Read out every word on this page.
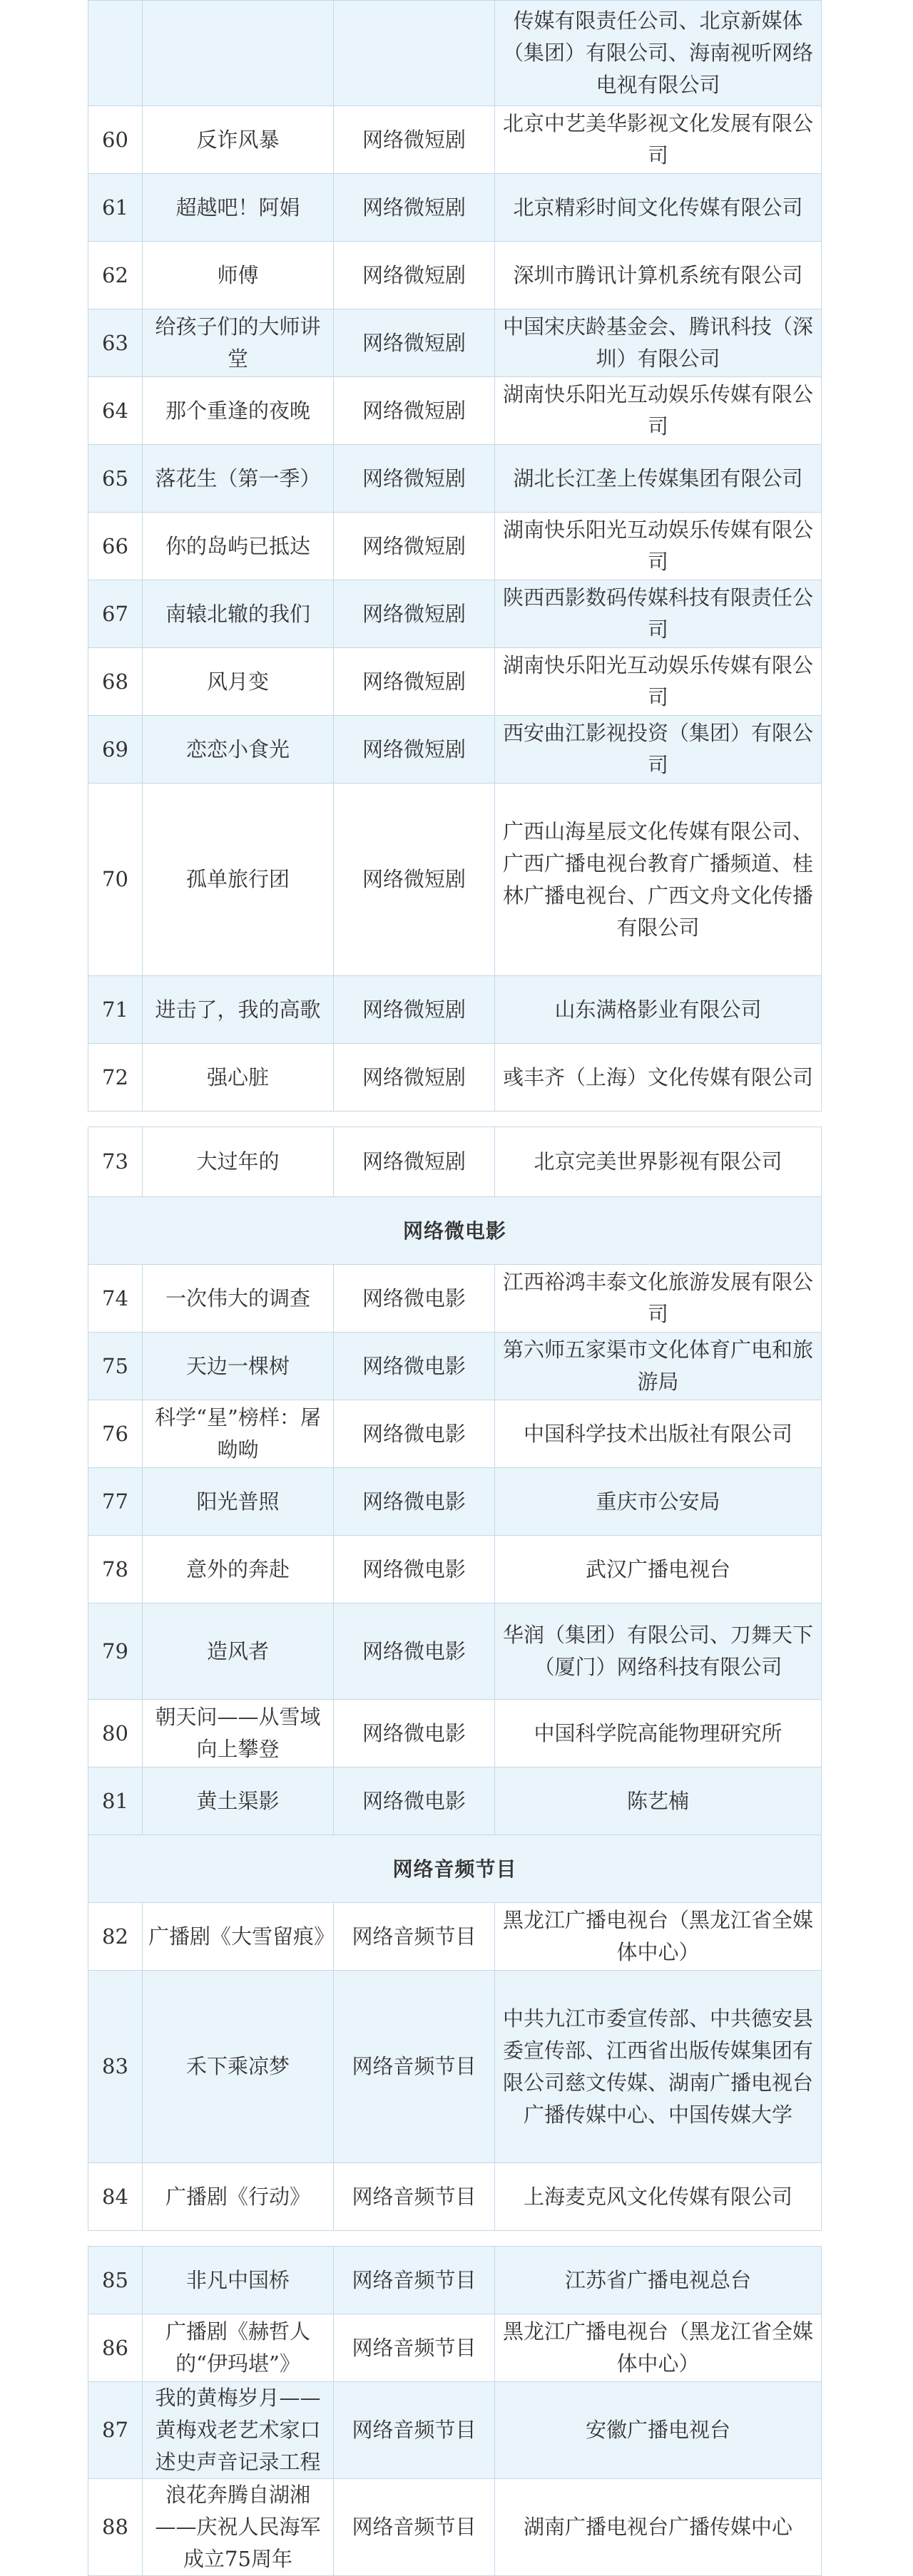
			传媒有限责任公司、北京新媒体（集团）有限公司、海南视听网络电视有限公司
60	反诈风暴	网络微短剧	北京中艺美华影视文化发展有限公司
61	超越吧！阿娟	网络微短剧	北京精彩时间文化传媒有限公司
62	师傅	网络微短剧	深圳市腾讯计算机系统有限公司
63	给孩子们的大师讲堂	网络微短剧	中国宋庆龄基金会、腾讯科技（深圳）有限公司
64	那个重逢的夜晚	网络微短剧	湖南快乐阳光互动娱乐传媒有限公司
65	落花生（第一季）	网络微短剧	湖北长江垄上传媒集团有限公司
66	你的岛屿已抵达	网络微短剧	湖南快乐阳光互动娱乐传媒有限公司
67	南辕北辙的我们	网络微短剧	陕西西影数码传媒科技有限责任公司
68	风月变	网络微短剧	湖南快乐阳光互动娱乐传媒有限公司
69	恋恋小食光	网络微短剧	西安曲江影视投资（集团）有限公司
70	孤单旅行团	网络微短剧	广西山海星辰文化传媒有限公司、广西广播电视台教育广播频道、桂林广播电视台、广西文舟文化传播有限公司
71	进击了，我的高歌	网络微短剧	山东满格影业有限公司
72	强心脏	网络微短剧	彧丰齐（上海）文化传媒有限公司
73	大过年的	网络微短剧	北京完美世界影视有限公司
网络微电影			
74	一次伟大的调查	网络微电影	江西裕鸿丰泰文化旅游发展有限公司
75	天边一棵树	网络微电影	第六师五家渠市文化体育广电和旅游局
76	科学“星”榜样：屠呦呦	网络微电影	中国科学技术出版社有限公司
77	阳光普照	网络微电影	重庆市公安局
78	意外的奔赴	网络微电影	武汉广播电视台
79	造风者	网络微电影	华润（集团）有限公司、刀舞天下（厦门）网络科技有限公司
80	朝天问——从雪域向上攀登	网络微电影	中国科学院高能物理研究所
81	黄土渠影	网络微电影	陈艺楠
网络音频节目			
82	广播剧《大雪留痕》	网络音频节目	黑龙江广播电视台（黑龙江省全媒体中心）
83	禾下乘凉梦	网络音频节目	中共九江市委宣传部、中共德安县委宣传部、江西省出版传媒集团有限公司慈文传媒、湖南广播电视台广播传媒中心、中国传媒大学
84	广播剧《行动》	网络音频节目	上海麦克风文化传媒有限公司
85	非凡中国桥	网络音频节目	江苏省广播电视总台
86	广播剧《赫哲人的“伊玛堪”》	网络音频节目	黑龙江广播电视台（黑龙江省全媒体中心）
87	我的黄梅岁月——黄梅戏老艺术家口述史声音记录工程	网络音频节目	安徽广播电视台
88	浪花奔腾自湖湘——庆祝人民海军成立75周年	网络音频节目	湖南广播电视台广播传媒中心
